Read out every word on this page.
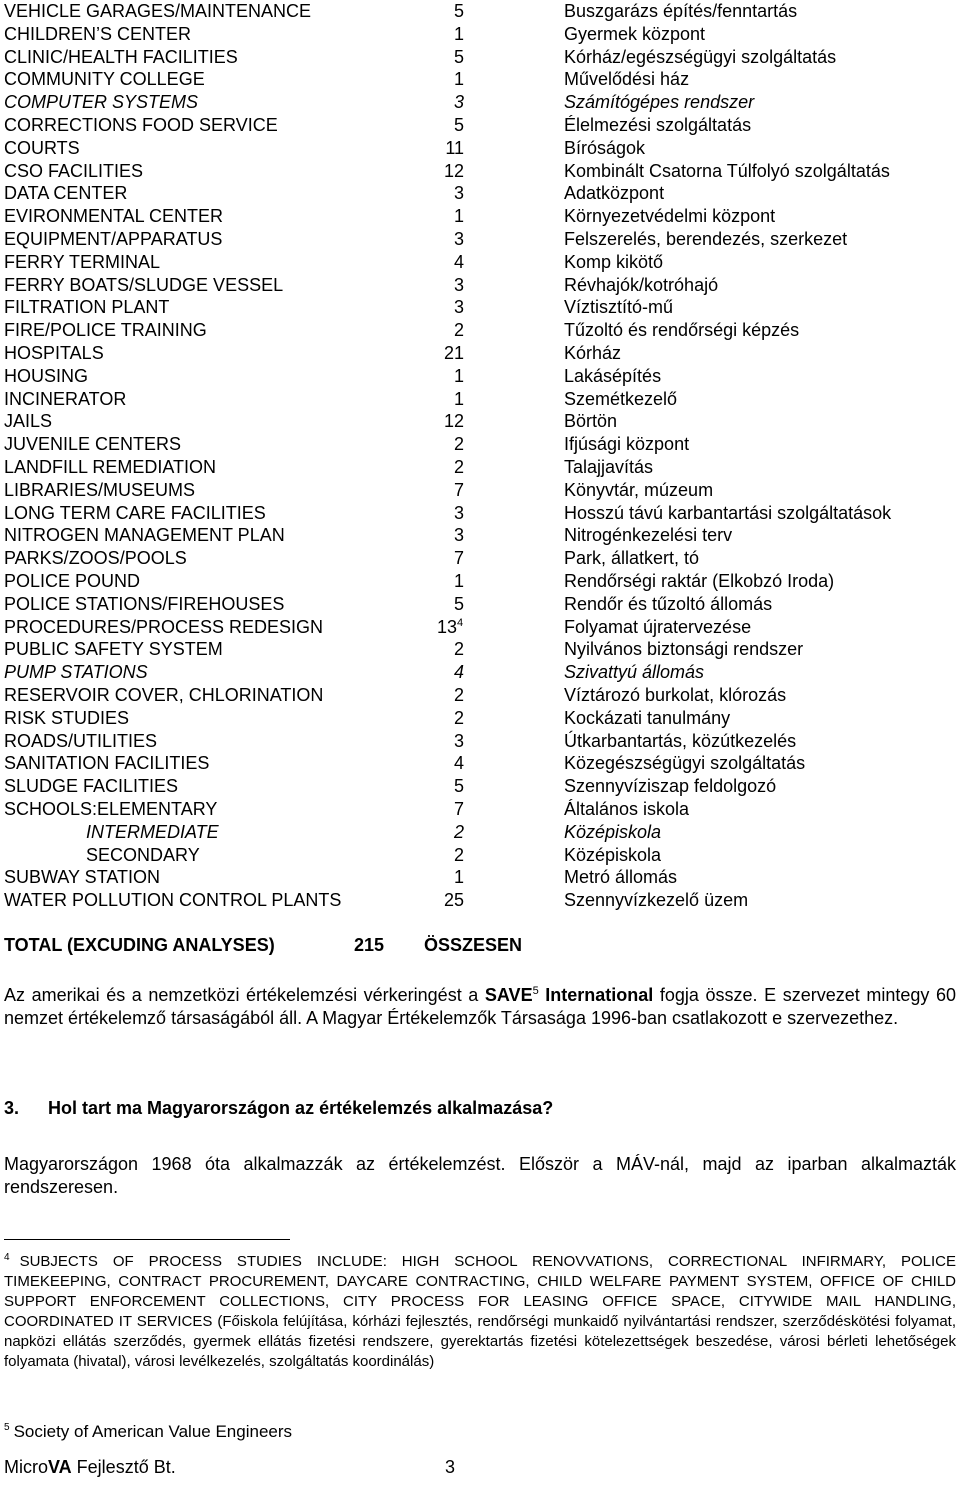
VEHICLE GARAGES/MAINTENANCE	5	Buszgarázs építés/fenntartás
CHILDREN’S CENTER	1	Gyermek központ
CLINIC/HEALTH FACILITIES	5	Kórház/egészségügyi szolgáltatás
COMMUNITY COLLEGE	1	Művelődési ház
COMPUTER SYSTEMS	3	Számítógépes rendszer
CORRECTIONS FOOD SERVICE	5	Élelmezési szolgáltatás
COURTS	11	Bíróságok
CSO FACILITIES	12	Kombinált Csatorna Túlfolyó szolgáltatás
DATA CENTER	3	Adatközpont
EVIRONMENTAL CENTER	1	Környezetvédelmi központ
EQUIPMENT/APPARATUS	3	Felszerelés, berendezés, szerkezet
FERRY TERMINAL	4	Komp kikötő
FERRY BOATS/SLUDGE VESSEL	3	Révhajók/kotróhajó
FILTRATION PLANT	3	Víztisztító-mű
FIRE/POLICE TRAINING	2	Tűzoltó és rendőrségi képzés
HOSPITALS	21	Kórház
HOUSING	1	Lakásépítés
INCINERATOR	1	Szemétkezelő
JAILS	12	Börtön
JUVENILE CENTERS	2	Ifjúsági központ
LANDFILL REMEDIATION	2	Talajjavítás
LIBRARIES/MUSEUMS	7	Könyvtár, múzeum
LONG TERM CARE FACILITIES	3	Hosszú távú karbantartási szolgáltatások
NITROGEN MANAGEMENT PLAN	3	Nitrogénkezelési terv
PARKS/ZOOS/POOLS	7	Park, állatkert, tó
POLICE POUND	1	Rendőrségi raktár (Elkobzó Iroda)
POLICE STATIONS/FIREHOUSES	5	Rendőr és tűzoltó állomás
PROCEDURES/PROCESS REDESIGN	$13^4$	Folyamat újratervezése
PUBLIC SAFETY SYSTEM	2	Nyilvános biztonsági rendszer
PUMP STATIONS	4	Szivattyú állomás
RESERVOIR COVER, CHLORINATION	2	Víztározó burkolat, klórozás
RISK STUDIES	2	Kockázati tanulmány
ROADS/UTILITIES	3	Útkarbantartás, közútkezelés
SANITATION FACILITIES	4	Közegészségügyi szolgáltatás
SLUDGE FACILITIES	5	Szennyvíziszap feldolgozó
SCHOOLS:ELEMENTARY	7	Általános iskola
INTERMEDIATE	2	Középiskola
SECONDARY	2	Középiskola
SUBWAY STATION	1	Metró állomás
WATER POLLUTION CONTROL PLANTS	25	Szennyvízkezelő üzem
TOTAL (EXCUDING ANALYSES)	215 ÖSSZESEN
Az amerikai és a nemzetközi értékelemzési vérkeringést a SAVE$^5$ International fogja össze. E szervezet mintegy 60 nemzet értékelemző társaságából áll. A Magyar Értékelemzők Társasága 1996-ban csatlakozott e szervezethez.
3. Hol tart ma Magyarországon az értékelemzés alkalmazása?
Magyarországon 1968 óta alkalmazzák az értékelemzést. Először a MÁV-nál, majd az iparban alkalmazták rendszeresen.
$^4$ SUBJECTS OF PROCESS STUDIES INCLUDE: HIGH SCHOOL RENOVVATIONS, CORRECTIONAL INFIRMARY, POLICE TIMEKEEPING, CONTRACT PROCUREMENT, DAYCARE CONTRACTING, CHILD WELFARE PAYMENT SYSTEM, OFFICE OF CHILD SUPPORT ENFORCEMENT COLLECTIONS, CITY PROCESS FOR LEASING OFFICE SPACE, CITYWIDE MAIL HANDLING, COORDINATED IT SERVICES (Főiskola felújítása, kórházi fejlesztés, rendőrségi munkaidő nyilvántartási rendszer, szerződéskötési folyamat, napközi ellátás szerződés, gyermek ellátás fizetési rendszere, gyerektartás fizetési kötelezettségek beszedése, városi bérleti lehetőségek folyamata (hivatal), városi levélkezelés, szolgáltatás koordinálás)
$^5$ Society of American Value Engineers
MicroVA Fejlesztő Bt.	3
